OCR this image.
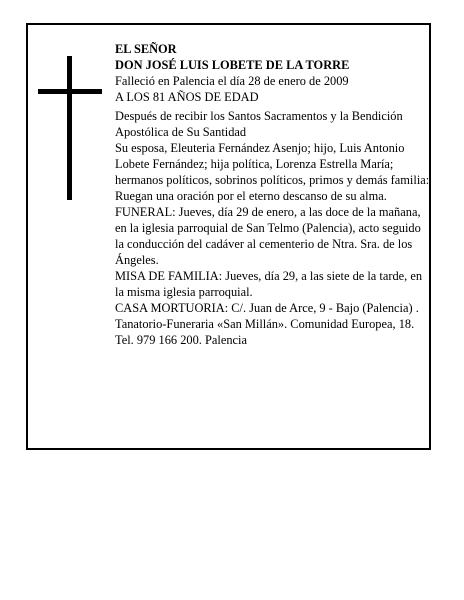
EL SEÑOR

DON JOSÉ LUIS LOBETE DE LA TORRE

Falleció en Palencia el día 28 de enero de 2009

A LOS 81 AÑOS DE EDAD

Después de recibir los Santos Sacramentos y la Bendición Apostólica de Su Santidad

Su esposa, Eleuteria Fernández Asenjo; hijo, Luis Antonio Lobete Fernández; hija política, Lorenza Estrella María; hermanos políticos, sobrinos políticos, primos y demás familia:

Ruegan una oración por el eterno descanso de su alma.

FUNERAL: Jueves, día 29 de enero, a las doce de la mañana, en la iglesia parroquial de San Telmo (Palencia), acto seguido la conducción del cadáver al cementerio de Ntra. Sra. de los Ángeles.

MISA DE FAMILIA: Jueves, día 29, a las siete de la tarde, en la misma iglesia parroquial.

CASA MORTUORIA: C/. Juan de Arce, 9 - Bajo (Palencia) .

Tanatorio-Funeraria «San Millán». Comunidad Europea, 18. Tel. 979 166 200. Palencia
